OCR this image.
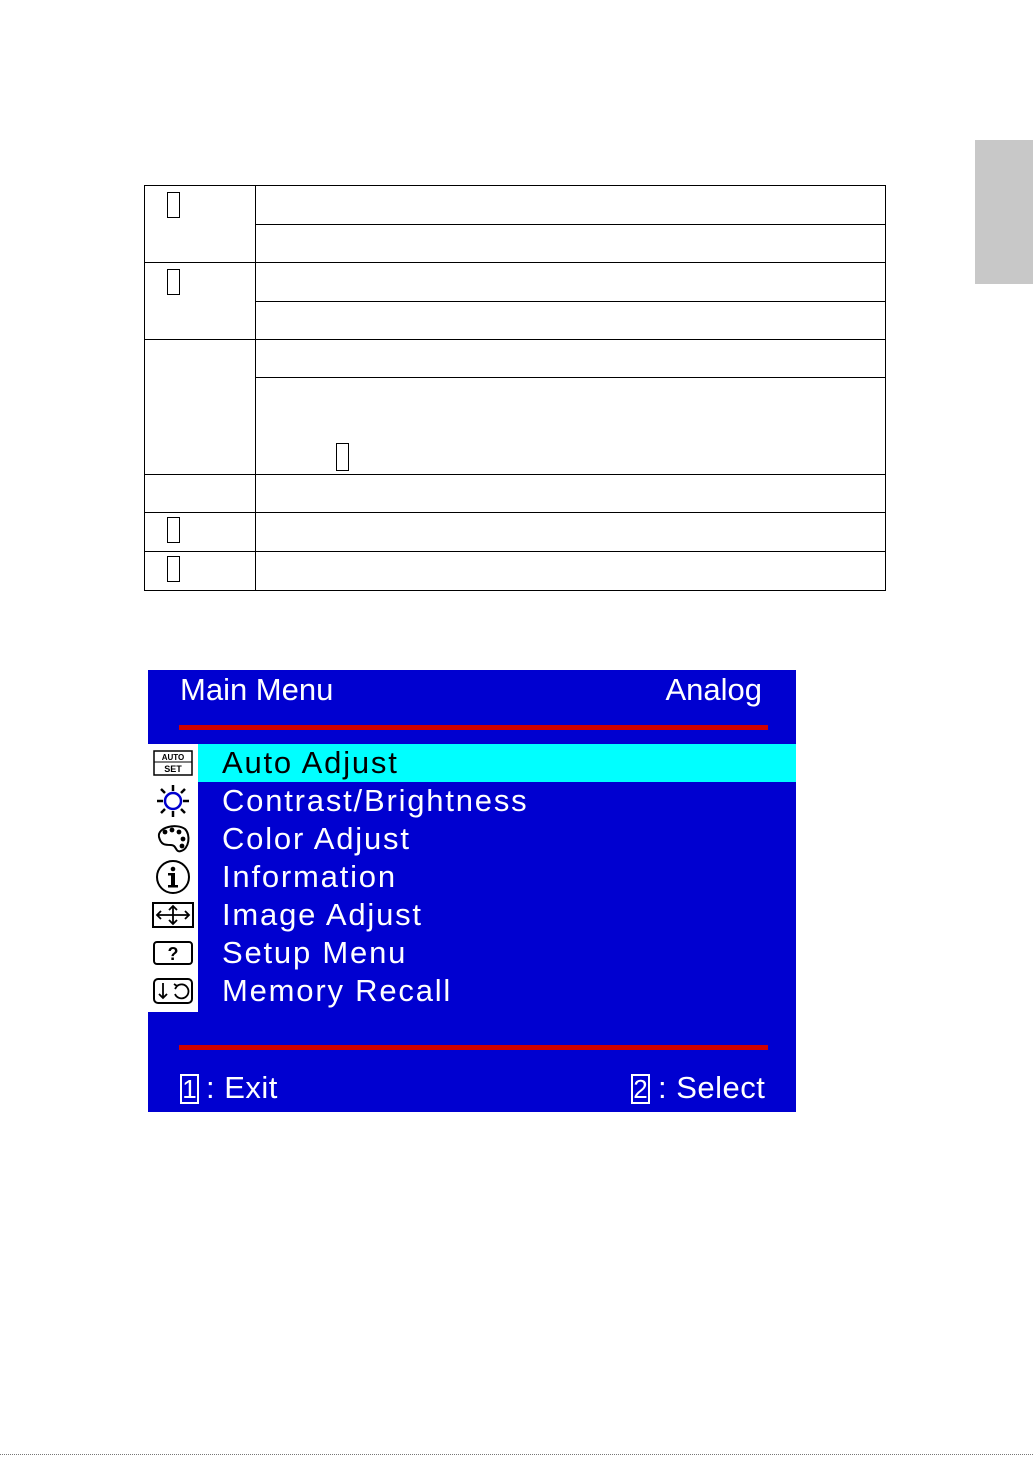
Main Menu	Analog
AUTO
SET
?
Auto Adjust
Contrast/Brightness
Color Adjust
Information
Image Adjust
Setup Menu
Memory Recall
1 : Exit	2 : Select
